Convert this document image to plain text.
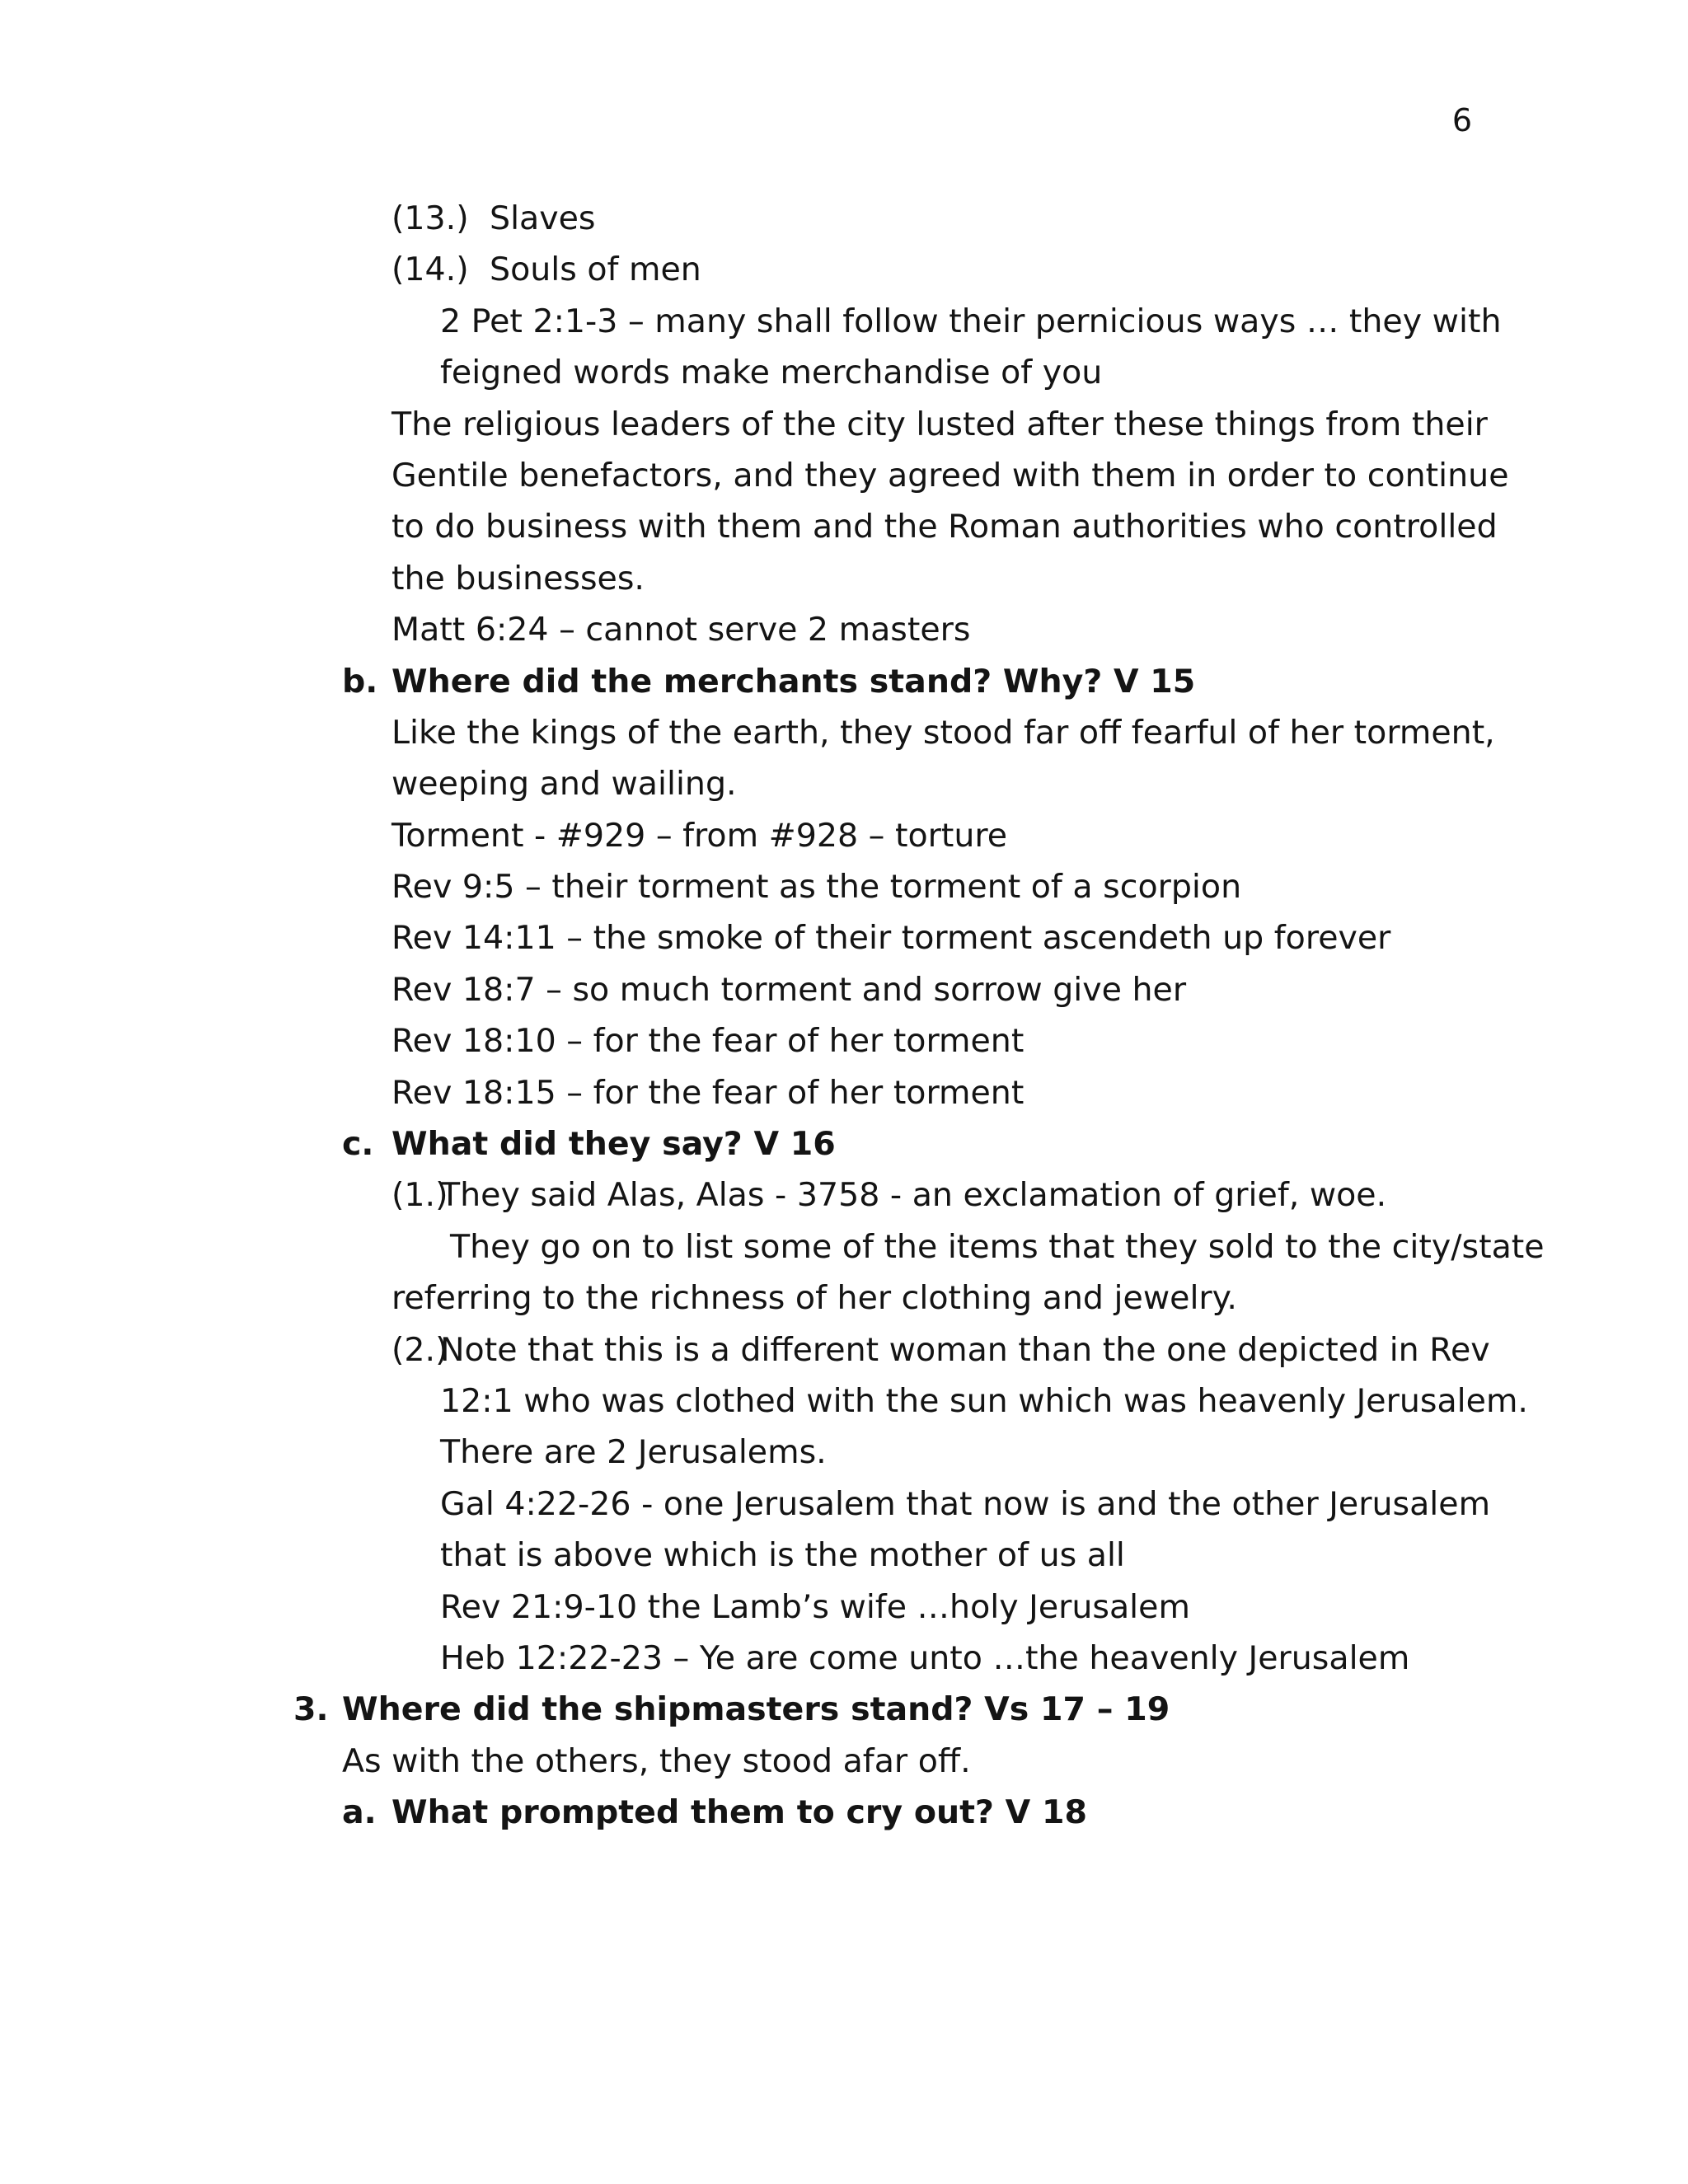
6
(13.) Slaves
(14.) Souls of men
2 Pet 2:1-3 – many shall follow their pernicious ways … they with
feigned words make merchandise of you
The religious leaders of the city lusted after these things from their
Gentile benefactors, and they agreed with them in order to continue
to do business with them and the Roman authorities who controlled
the businesses.
Matt 6:24 – cannot serve 2 masters
b. Where did the merchants stand? Why? V 15
Like the kings of the earth, they stood far off fearful of her torment,
weeping and wailing.
Torment - #929 – from #928 – torture
Rev 9:5 – their torment as the torment of a scorpion
Rev 14:11 – the smoke of their torment ascendeth up forever
Rev 18:7 – so much torment and sorrow give her
Rev 18:10 – for the fear of her torment
Rev 18:15 – for the fear of her torment
c. What did they say? V 16
(1.)
They said Alas, Alas - 3758 - an exclamation of grief, woe.
They go on to list some of the items that they sold to the city/state
referring to the richness of her clothing and jewelry.
(2.)
Note that this is a different woman than the one depicted in Rev
12:1 who was clothed with the sun which was heavenly Jerusalem.
There are 2 Jerusalems.
Gal 4:22-26 - one Jerusalem that now is and the other Jerusalem
that is above which is the mother of us all
Rev 21:9-10 the Lamb’s wife …holy Jerusalem
Heb 12:22-23 – Ye are come unto …the heavenly Jerusalem
3. Where did the shipmasters stand? Vs 17 – 19
As with the others, they stood afar off.
a. What prompted them to cry out? V 18
